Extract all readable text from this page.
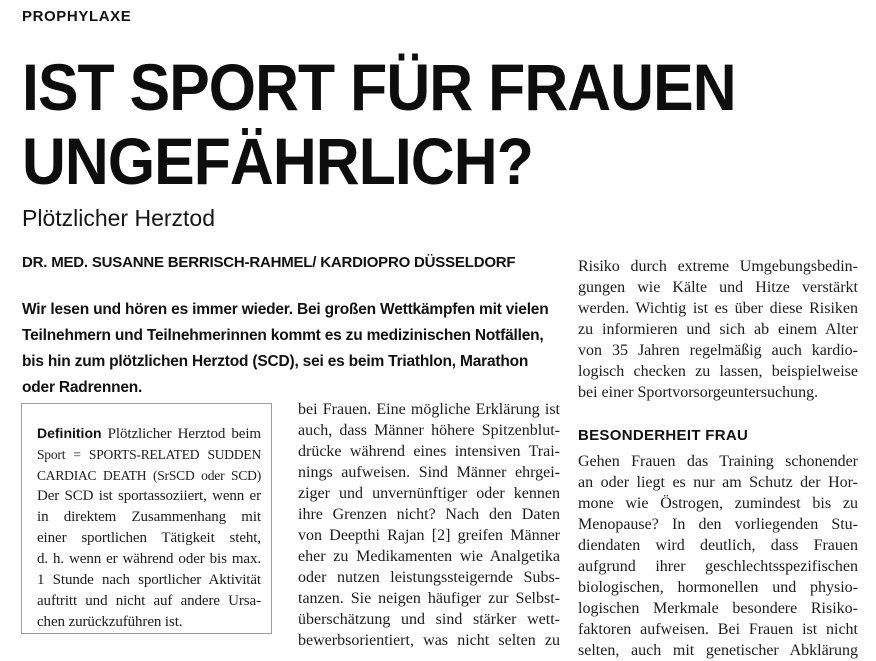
PROPHYLAXE
IST SPORT FÜR FRAUEN
UNGEFÄHRLICH?
Plötzlicher Herztod
DR. MED. SUSANNE BERRISCH-RAHMEL/ KARDIOPRO DÜSSELDORF
Wir lesen und hören es immer wieder. Bei großen Wettkämpfen mit vielen
Teilnehmern und Teilnehmerinnen kommt es zu medizinischen Notfällen,
bis hin zum plötzlichen Herztod (SCD), sei es beim Triathlon, Marathon
oder Radrennen.
Definition Plötzlicher Herztod beim
Sport = SPORTS-RELATED SUDDEN
CARDIAC DEATH (SrSCD oder SCD)
Der SCD ist sportassoziiert, wenn er
in direktem Zusammenhang mit
einer sportlichen Tätigkeit steht,
d. h. wenn er während oder bis max.
1 Stunde nach sportlicher Aktivität
auftritt und nicht auf andere Ursa-
chen zurückzuführen ist.
bei Frauen. Eine mögliche Erklärung ist
auch, dass Männer höhere Spitzenblut-
drücke während eines intensiven Trai-
nings aufweisen. Sind Männer ehrgei-
ziger und unvernünftiger oder kennen
ihre Grenzen nicht? Nach den Daten
von Deepthi Rajan [2] greifen Männer
eher zu Medikamenten wie Analgetika
oder nutzen leistungssteigernde Subs-
tanzen. Sie neigen häufiger zur Selbst-
überschätzung und sind stärker wett-
bewerbsorientiert, was nicht selten zu
Risiko durch extreme Umgebungsbedin-
gungen wie Kälte und Hitze verstärkt
werden. Wichtig ist es über diese Risiken
zu informieren und sich ab einem Alter
von 35 Jahren regelmäßig auch kardio-
logisch checken zu lassen, beispielweise
bei einer Sportvorsorgeuntersuchung.
BESONDERHEIT FRAU
Gehen Frauen das Training schonender
an oder liegt es nur am Schutz der Hor-
mone wie Östrogen, zumindest bis zu
Menopause? In den vorliegenden Stu-
diendaten wird deutlich, dass Frauen
aufgrund ihrer geschlechtsspezifischen
biologischen, hormonellen und physio-
logischen Merkmale besondere Risiko-
faktoren aufweisen. Bei Frauen ist nicht
selten, auch mit genetischer Abklärung
